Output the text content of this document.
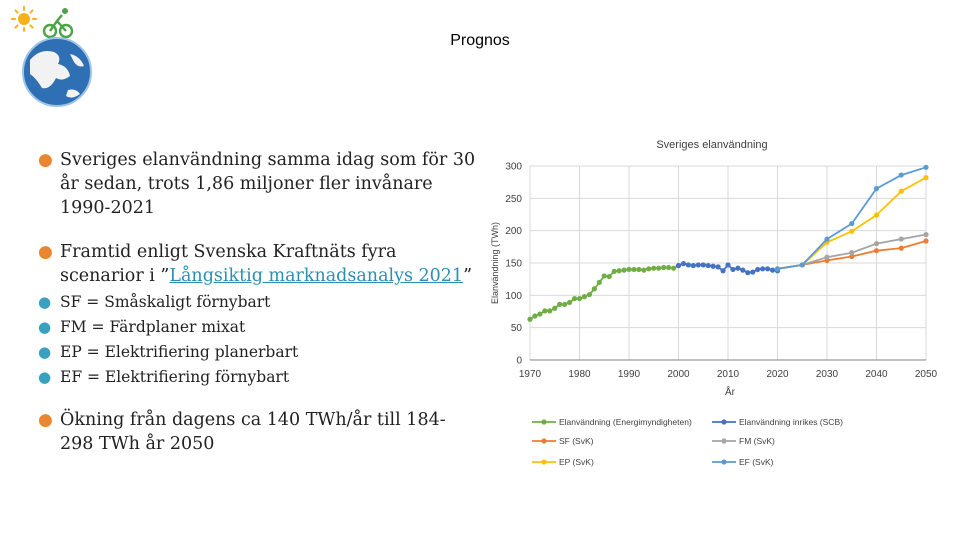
Prognos
● Sveriges elanvändning samma idag som för 30 år sedan, trots 1,86 miljoner fler invånare 1990-2021
● Framtid enligt Svenska Kraftnäts fyra scenarior i ”Långsiktig marknadsanalys 2021”
● SF = Småskaligt förnybart
● FM = Färdplaner mixat
● EP = Elektrifiering planerbart
● EF = Elektrifiering förnybart
● Ökning från dagens ca 140 TWh/år till 184-298 TWh år 2050
Sveriges elanvändning
0
50
100
150
200
250
300
1970	1980	1990	2000	2010	2020	2030	2040	2050
Elanvändning (TWh)
År
Elanvändning (Energimyndigheten)	Elanvändning inrikes (SCB)
SF (SvK)	FM (SvK)
EP (SvK)	EF (SvK)
